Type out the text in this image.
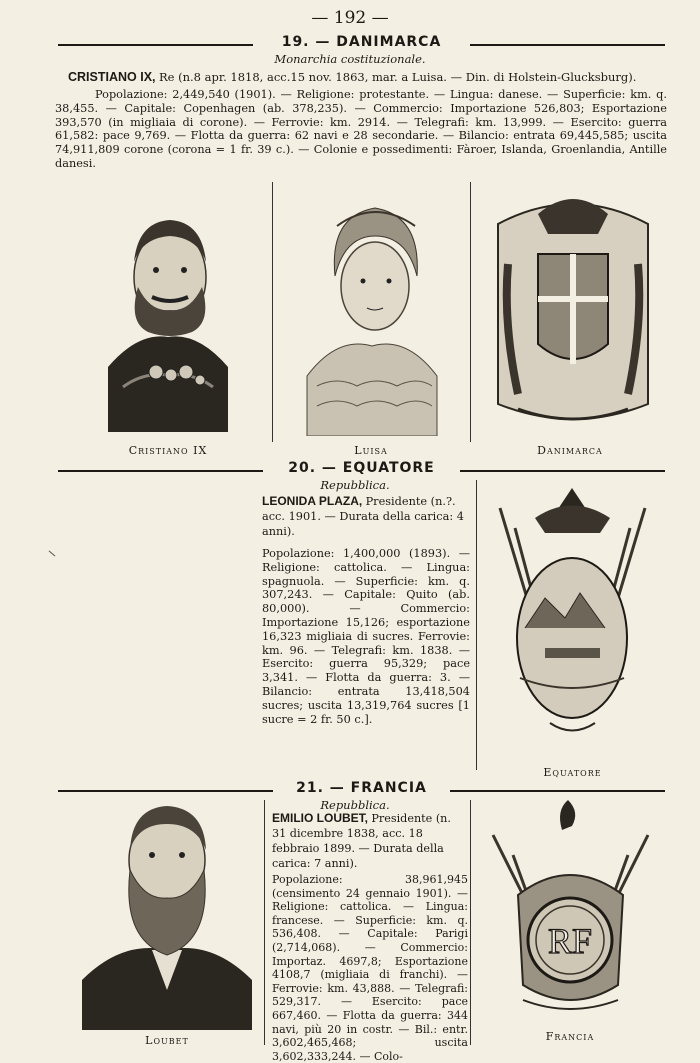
— 192 —
19. — DANIMARCA
Monarchia costituzionale.
CRISTIANO IX, Re (n.8 apr. 1818, acc.15 nov. 1863, mar. a Luisa. — Din. di Holstein-Glucksburg).
Popolazione: 2,449,540 (1901). — Religione: protestante. — Lingua: danese. — Superficie: km. q. 38,455. — Capitale: Copenhagen (ab. 378,235). — Commercio: Importazione 526,803; Esportazione 393,570 (in migliaia di corone). — Ferrovie: km. 2914. — Telegrafi: km. 13,999. — Esercito: guerra 61,582: pace 9,769. — Flotta da guerra: 62 navi e 28 secondarie. — Bilancio: entrata 69,445,585; uscita 74,911,809 corone (corona = 1 fr. 39 c.). — Colonie e possedimenti: Fàroer, Islanda, Groenlandia, Antille danesi.
Cristiano IX	Luisa	Danimarca
20. — EQUATORE
Repubblica.
LEONIDA PLAZA, Presidente (n.?. acc. 1901. — Durata della carica: 4 anni).
Popolazione: 1,400,000 (1893). — Religione: cattolica. — Lingua: spagnuola. — Superficie: km. q. 307,243. — Capitale: Quito (ab. 80,000). — Commercio: Importazione 15,126; esportazione 16,323 migliaia di sucres. Ferrovie: km. 96. — Telegrafi: km. 1838. — Esercito: guerra 95,329; pace 3,341. — Flotta da guerra: 3. — Bilancio: entrata 13,418,504 sucres; uscita 13,319,764 sucres [1 sucre = 2 fr. 50 c.].
Equatore
21. — FRANCIA
Repubblica.
Loubet
EMILIO LOUBET, Presidente (n. 31 dicembre 1838, acc. 18 febbraio 1899. — Durata della carica: 7 anni).
Popolazione: 38,961,945 (censimento 24 gennaio 1901). — Religione: cattolica. — Lingua: francese. — Superficie: km. q. 536,408. — Capitale: Parigi (2,714,068). — Commercio: Importaz. 4697,8; Esportazione 4108,7 (migliaia di franchi). — Ferrovie: km. 43,888. — Telegrafi: 529,317. — Esercito: pace 667,460. — Flotta da guerra: 344 navi, più 20 in costr. — Bil.: entr. 3,602,465,468; uscita 3,602,333,244. — Colo-
RF
Francia
